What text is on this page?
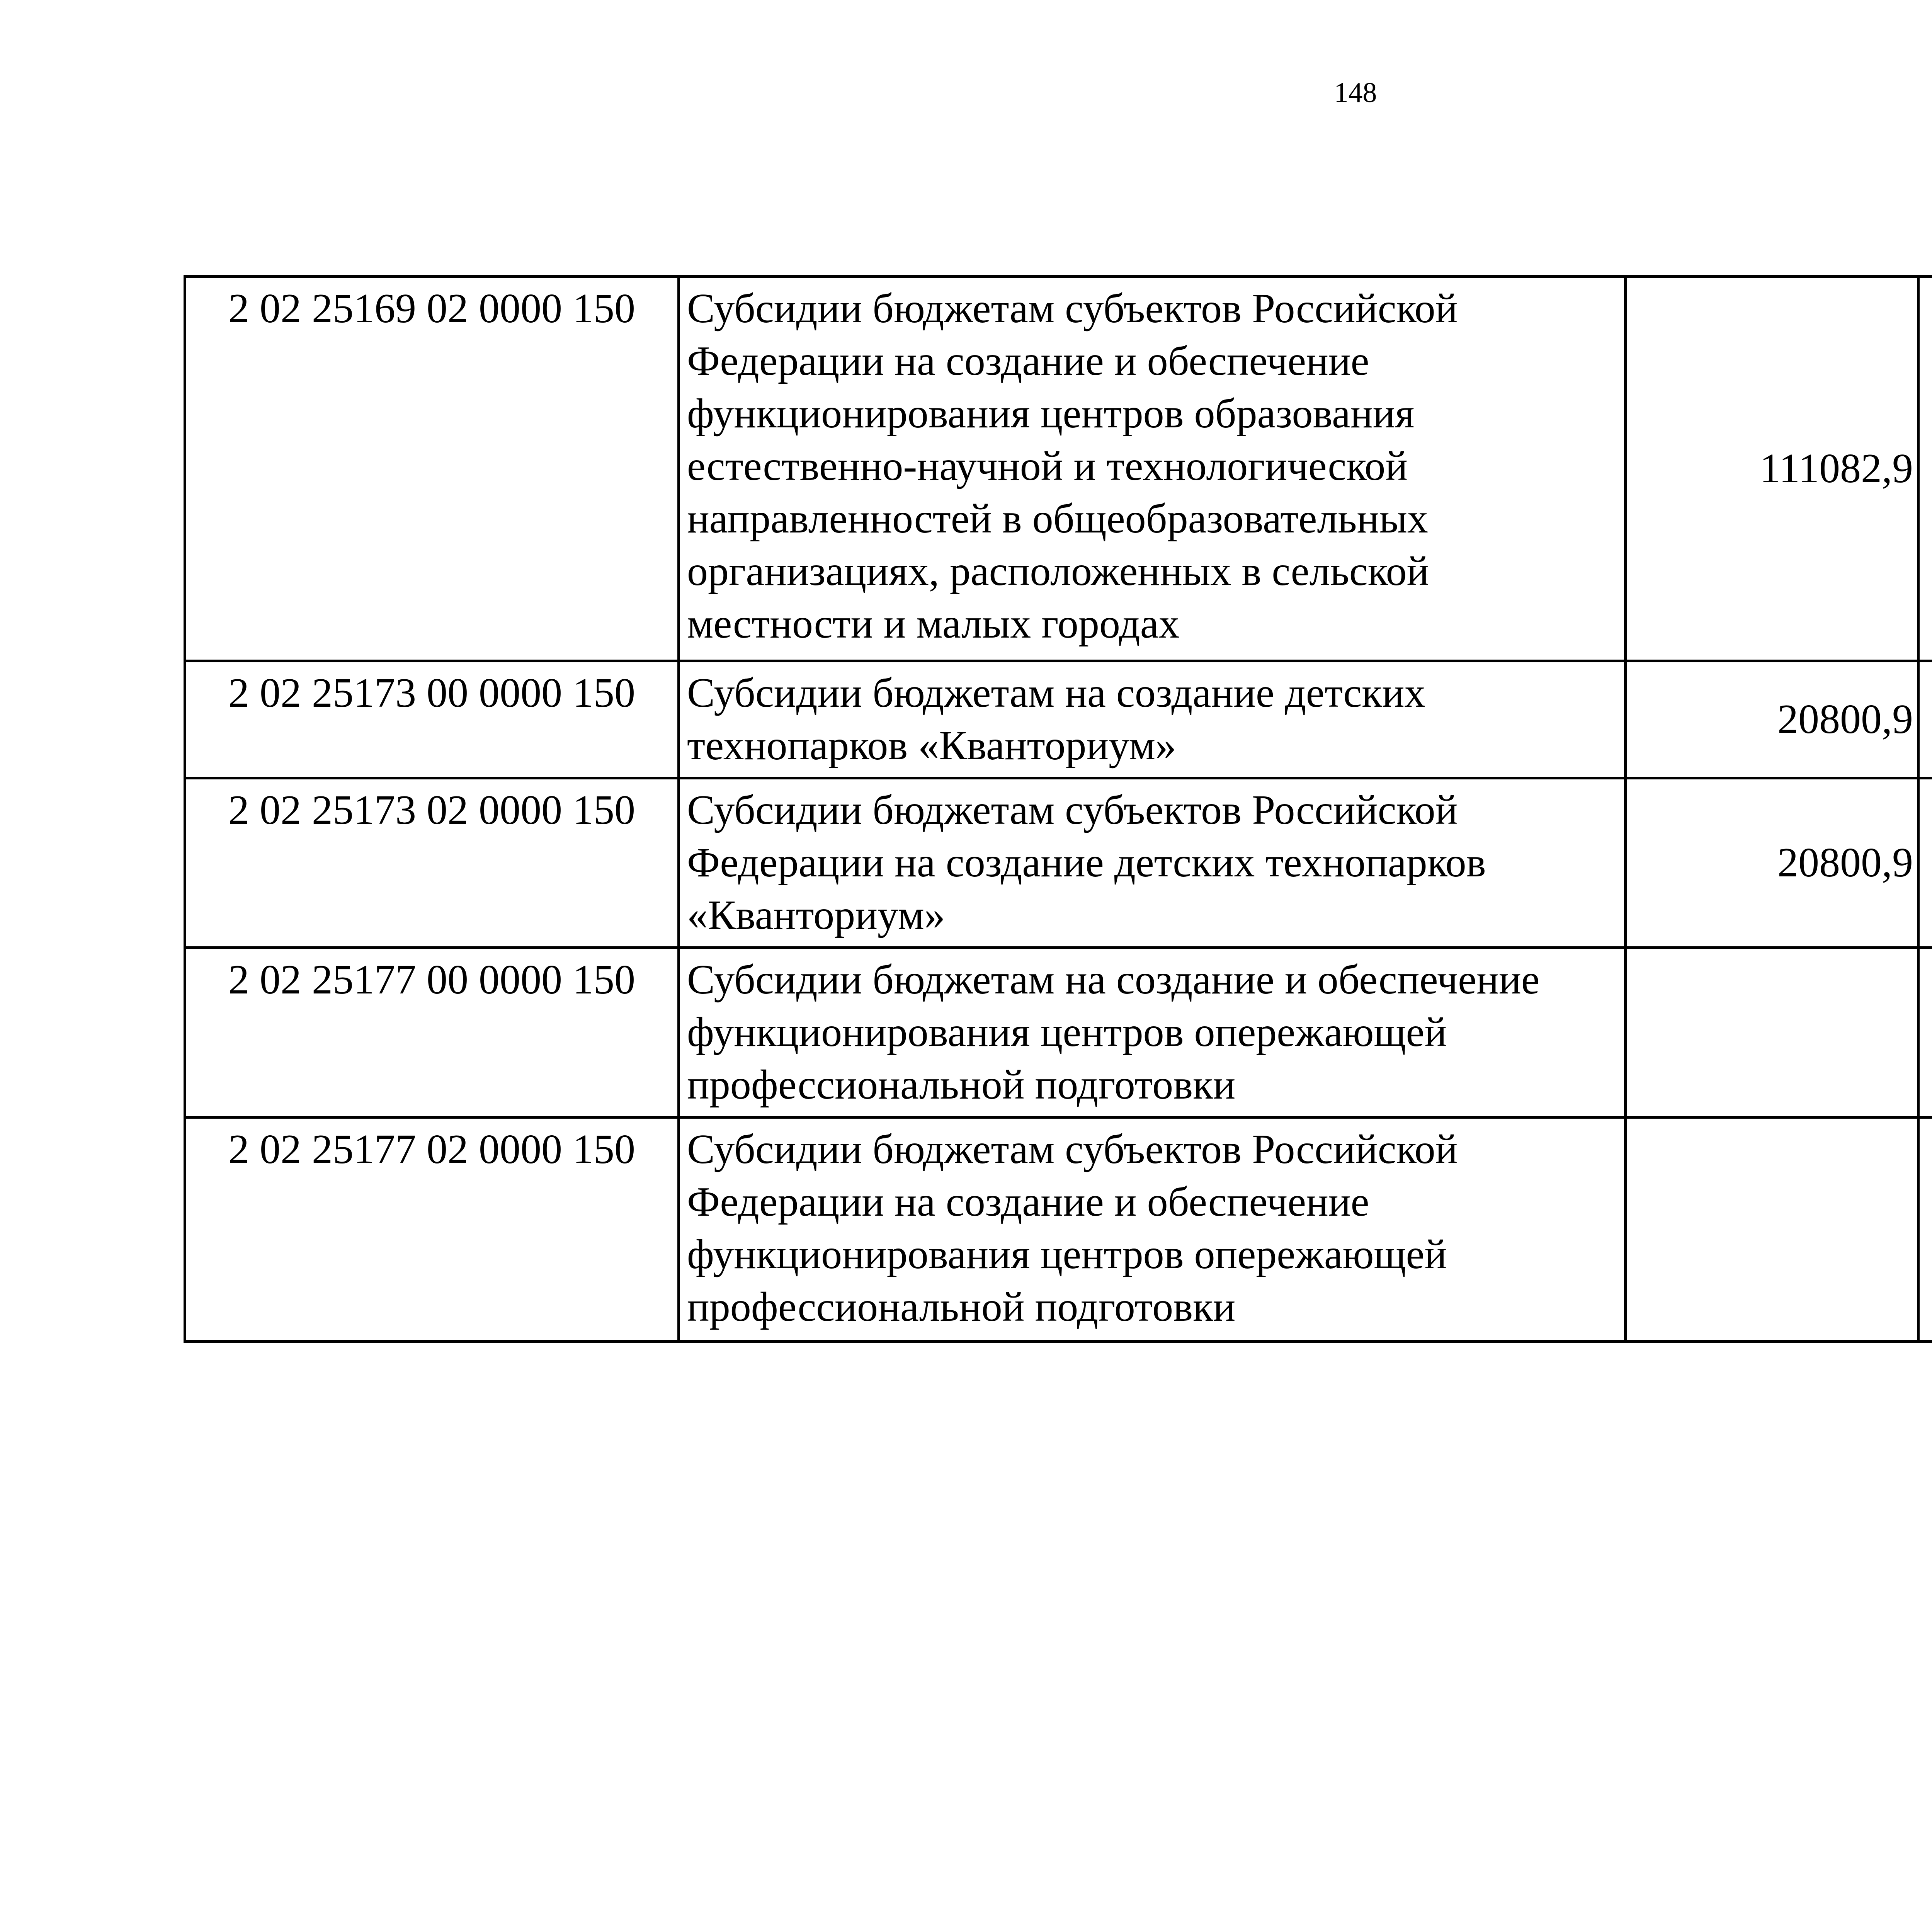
148
2 02 25169 02 0000 150	Субсидии бюджетам субъектов Российской Федерации на создание и обеспечение функционирования центров образования естественно-научной и технологической направленностей в общеобразовательных организациях, расположенных в сельской местности и малых городах	111082,9		
2 02 25173 00 0000 150	Субсидии бюджетам на создание детских технопарков «Кванториум»	20800,9		
2 02 25173 02 0000 150	Субсидии бюджетам субъектов Российской Федерации на создание детских технопарков «Кванториум»	20800,9		
2 02 25177 00 0000 150	Субсидии бюджетам на создание и обеспечение функционирования центров опережающей профессиональной подготовки			
2 02 25177 02 0000 150	Субсидии бюджетам субъектов Российской Федерации на создание и обеспечение функционирования центров опережающей профессиональной подготовки			
